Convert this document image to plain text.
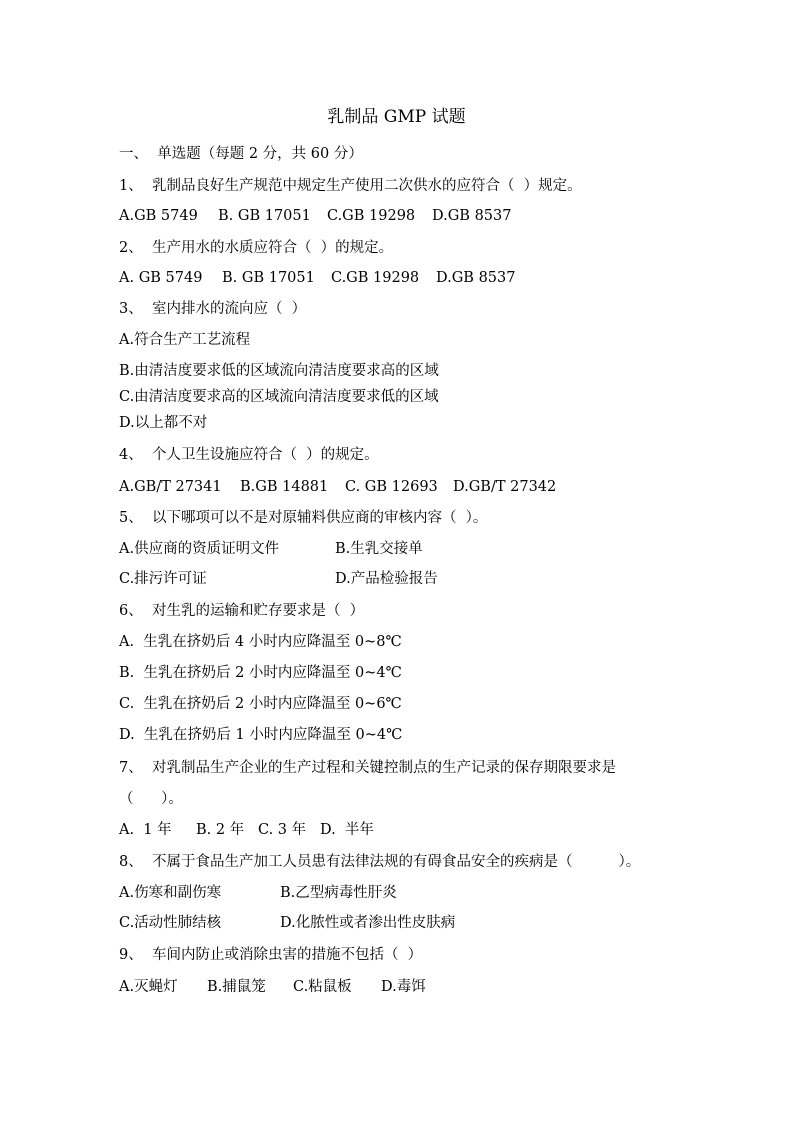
乳制品 GMP 试题
一、  单选题（每题 2 分，共 60 分）
1、  乳制品良好生产规范中规定生产使用二次供水的应符合（  ）规定。
A.GB 5749 B. GB 17051 C.GB 19298 D.GB 8537
2、  生产用水的水质应符合（  ）的规定。
A. GB 5749 B. GB 17051 C.GB 19298 D.GB 8537
3、  室内排水的流向应（  ）
A.符合生产工艺流程
B.由清洁度要求低的区域流向清洁度要求高的区域
C.由清洁度要求高的区域流向清洁度要求低的区域
D.以上都不对
4、  个人卫生设施应符合（  ）的规定。
A.GB/T 27341 B.GB 14881 C. GB 12693 D.GB/T 27342
5、  以下哪项可以不是对原辅料供应商的审核内容（  ）。
A.供应商的资质证明文件	B.生乳交接单
C.排污许可证	D.产品检验报告
6、  对生乳的运输和贮存要求是（  ）
A.  生乳在挤奶后 4 小时内应降温至 0~8℃
B.  生乳在挤奶后 2 小时内应降温至 0~4℃
C.  生乳在挤奶后 2 小时内应降温至 0~6℃
D.  生乳在挤奶后 1 小时内应降温至 0~4℃
7、  对乳制品生产企业的生产过程和关键控制点的生产记录的保存期限要求是
（      ）。
A.  1 年 B. 2 年 C. 3 年 D.  半年
8、  不属于食品生产加工人员患有法律法规的有碍食品安全的疾病是（          ）。
A.伤寒和副伤寒	B.乙型病毒性肝炎
C.活动性肺结核	D.化脓性或者渗出性皮肤病
9、  车间内防止或消除虫害的措施不包括（  ）
A.灭蝇灯 B.捕鼠笼 C.粘鼠板 D.毒饵
